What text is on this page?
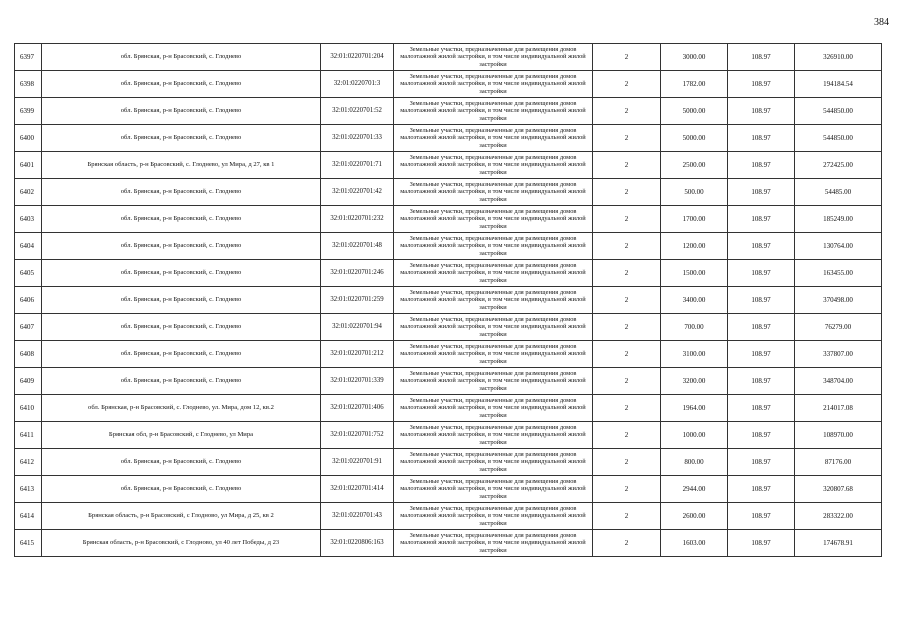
384
6397	обл. Брянская, р-н Брасовский, с. Глоднево	32:01:0220701:204	Земельные участки, предназначенные для размещения домов малоэтажной жилой застройки, в том числе индивидуальной жилой застройки	2	3000.00	108.97	326910.00
6398	обл. Брянская, р-н Брасовский, с. Глоднево	32:01:0220701:3	Земельные участки, предназначенные для размещения домов малоэтажной жилой застройки, в том числе индивидуальной жилой застройки	2	1782.00	108.97	194184.54
6399	обл. Брянская, р-н Брасовский, с. Глоднево	32:01:0220701:52	Земельные участки, предназначенные для размещения домов малоэтажной жилой застройки, в том числе индивидуальной жилой застройки	2	5000.00	108.97	544850.00
6400	обл. Брянская, р-н Брасовский, с. Глоднево	32:01:0220701:33	Земельные участки, предназначенные для размещения домов малоэтажной жилой застройки, в том числе индивидуальной жилой застройки	2	5000.00	108.97	544850.00
6401	Брянская область, р-н Брасовский, с. Глоднево, ул Мира, д 27, кв 1	32:01:0220701:71	Земельные участки, предназначенные для размещения домов малоэтажной жилой застройки, в том числе индивидуальной жилой застройки	2	2500.00	108.97	272425.00
6402	обл. Брянская, р-н Брасовский, с. Глоднево	32:01:0220701:42	Земельные участки, предназначенные для размещения домов малоэтажной жилой застройки, в том числе индивидуальной жилой застройки	2	500.00	108.97	54485.00
6403	обл. Брянская, р-н Брасовский, с. Глоднево	32:01:0220701:232	Земельные участки, предназначенные для размещения домов малоэтажной жилой застройки, в том числе индивидуальной жилой застройки	2	1700.00	108.97	185249.00
6404	обл. Брянская, р-н Брасовский, с. Глоднево	32:01:0220701:48	Земельные участки, предназначенные для размещения домов малоэтажной жилой застройки, в том числе индивидуальной жилой застройки	2	1200.00	108.97	130764.00
6405	обл. Брянская, р-н Брасовский, с. Глоднево	32:01:0220701:246	Земельные участки, предназначенные для размещения домов малоэтажной жилой застройки, в том числе индивидуальной жилой застройки	2	1500.00	108.97	163455.00
6406	обл. Брянская, р-н Брасовский, с. Глоднево	32:01:0220701:259	Земельные участки, предназначенные для размещения домов малоэтажной жилой застройки, в том числе индивидуальной жилой застройки	2	3400.00	108.97	370498.00
6407	обл. Брянская, р-н Брасовский, с. Глоднево	32:01:0220701:94	Земельные участки, предназначенные для размещения домов малоэтажной жилой застройки, в том числе индивидуальной жилой застройки	2	700.00	108.97	76279.00
6408	обл. Брянская, р-н Брасовский, с. Глоднево	32:01:0220701:212	Земельные участки, предназначенные для размещения домов малоэтажной жилой застройки, в том числе индивидуальной жилой застройки	2	3100.00	108.97	337807.00
6409	обл. Брянская, р-н Брасовский, с. Глоднево	32:01:0220701:339	Земельные участки, предназначенные для размещения домов малоэтажной жилой застройки, в том числе индивидуальной жилой застройки	2	3200.00	108.97	348704.00
6410	обл. Брянская, р-н Брасовский, с. Глоднево, ул. Мира, дом 12, кв.2	32:01:0220701:406	Земельные участки, предназначенные для размещения домов малоэтажной жилой застройки, в том числе индивидуальной жилой застройки	2	1964.00	108.97	214017.08
6411	Брянская обл, р-н Брасовский, с Глоднево, ул Мира	32:01:0220701:752	Земельные участки, предназначенные для размещения домов малоэтажной жилой застройки, в том числе индивидуальной жилой застройки	2	1000.00	108.97	108970.00
6412	обл. Брянская, р-н Брасовский, с. Глоднево	32:01:0220701:91	Земельные участки, предназначенные для размещения домов малоэтажной жилой застройки, в том числе индивидуальной жилой застройки	2	800.00	108.97	87176.00
6413	обл. Брянская, р-н Брасовский, с. Глоднево	32:01:0220701:414	Земельные участки, предназначенные для размещения домов малоэтажной жилой застройки, в том числе индивидуальной жилой застройки	2	2944.00	108.97	320807.68
6414	Брянская область, р-н Брасовский, с Глодново, ул Мира, д 25, кв 2	32:01:0220701:43	Земельные участки, предназначенные для размещения домов малоэтажной жилой застройки, в том числе индивидуальной жилой застройки	2	2600.00	108.97	283322.00
6415	Брянская область, р-н Брасовский, с Глодново, ул 40 лет Победы, д 23	32:01:0220806:163	Земельные участки, предназначенные для размещения домов малоэтажной жилой застройки, в том числе индивидуальной жилой застройки	2	1603.00	108.97	174678.91
